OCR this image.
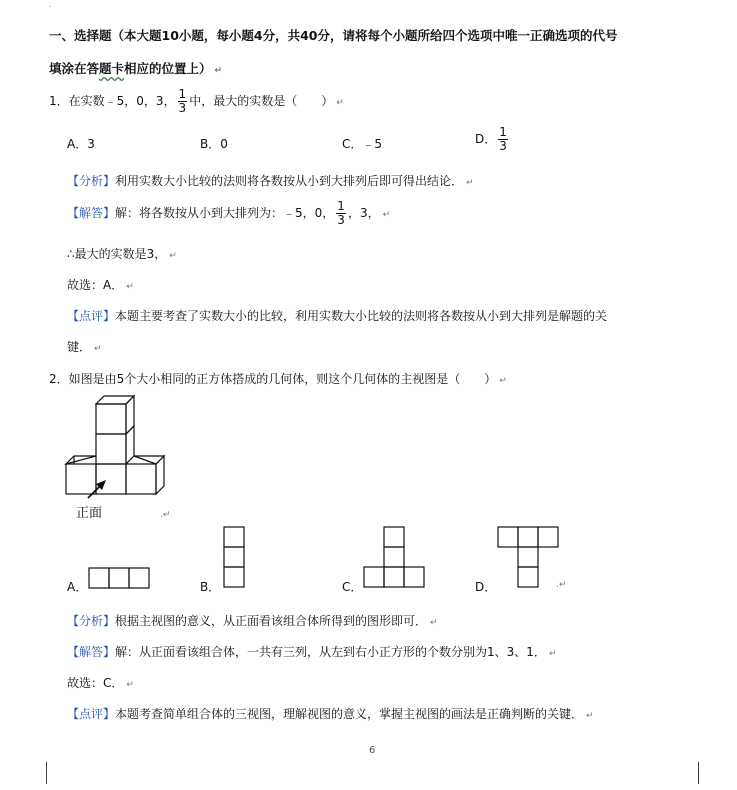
.
一、选择题（本大题10小题，每小题4分，共40分，请将每个小题所给四个选项中唯一正确选项的代号
填涂在答题卡相应的位置上） ↵
1．在实数﹣5，0，3， $\frac{1}{3}$ 中，最大的实数是（　　） ↵
A．3	B．0	C．﹣5	D． $\frac{1}{3}$
【分析】利用实数大小比较的法则将各数按从小到大排列后即可得出结论． ↵
【解答】解：将各数按从小到大排列为：﹣5，0， $\frac{1}{3}$ ，3， ↵
∴最大的实数是3， ↵
故选：A． ↵
【点评】本题主要考查了实数大小的比较，利用实数大小比较的法则将各数按从小到大排列是解题的关
键． ↵
2．如图是由5个大小相同的正方体搭成的几何体，则这个几何体的主视图是（　　） ↵
正面	.↵
A．	B．	C．	D．	.↵
【分析】根据主视图的意义，从正面看该组合体所得到的图形即可． ↵
【解答】解：从正面看该组合体，一共有三列，从左到右小正方形的个数分别为1、3、1． ↵
故选：C． ↵
【点评】本题考查简单组合体的三视图，理解视图的意义，掌握主视图的画法是正确判断的关键． ↵
6
